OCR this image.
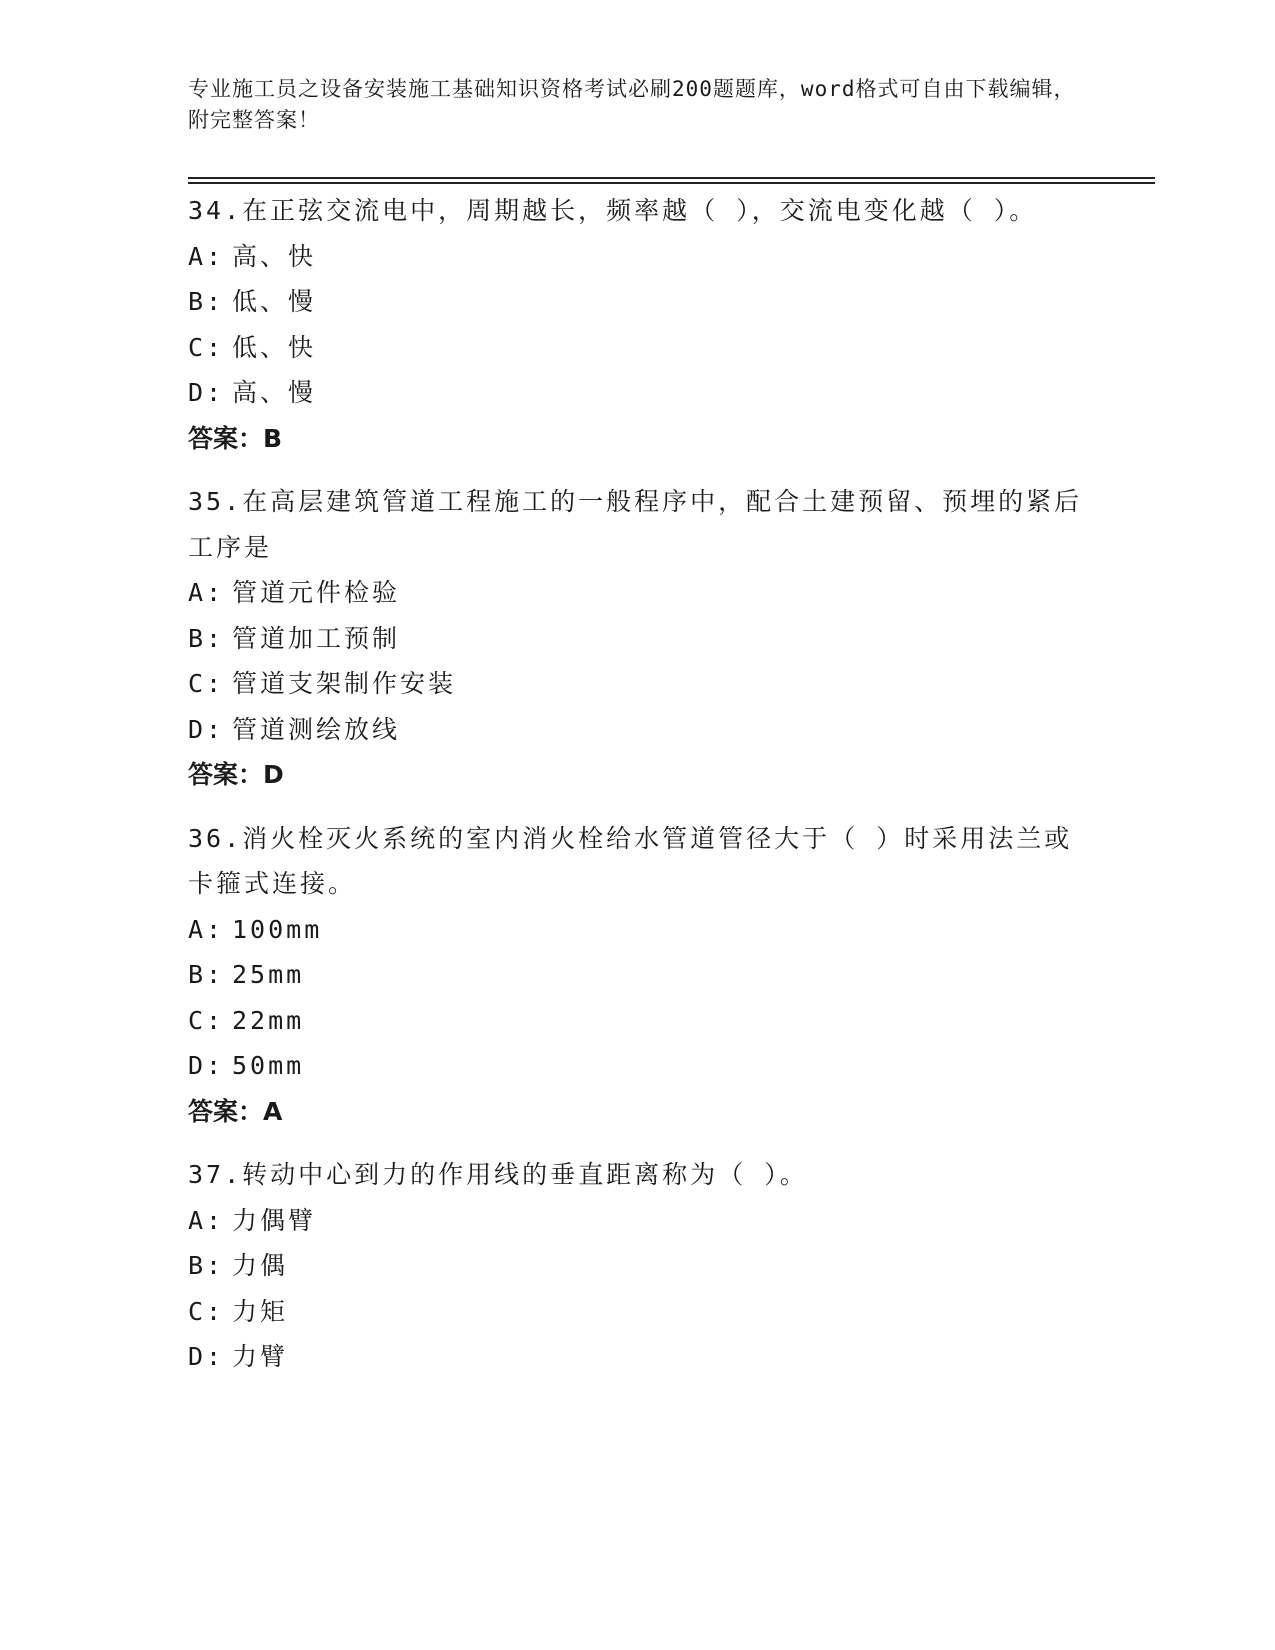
专业施工员之设备安装施工基础知识资格考试必刷200题题库，word格式可自由下载编辑，附完整答案！
34.在正弦交流电中，周期越长，频率越（ ），交流电变化越（ ）。
A: 高、快
B: 低、慢
C: 低、快
D: 高、慢
答案：B
35.在高层建筑管道工程施工的一般程序中，配合土建预留、预埋的紧后工序是
A: 管道元件检验
B: 管道加工预制
C: 管道支架制作安装
D: 管道测绘放线
答案：D
36.消火栓灭火系统的室内消火栓给水管道管径大于（ ）时采用法兰或卡箍式连接。
A: 100mm
B: 25mm
C: 22mm
D: 50mm
答案：A
37.转动中心到力的作用线的垂直距离称为（ ）。
A: 力偶臂
B: 力偶
C: 力矩
D: 力臂
